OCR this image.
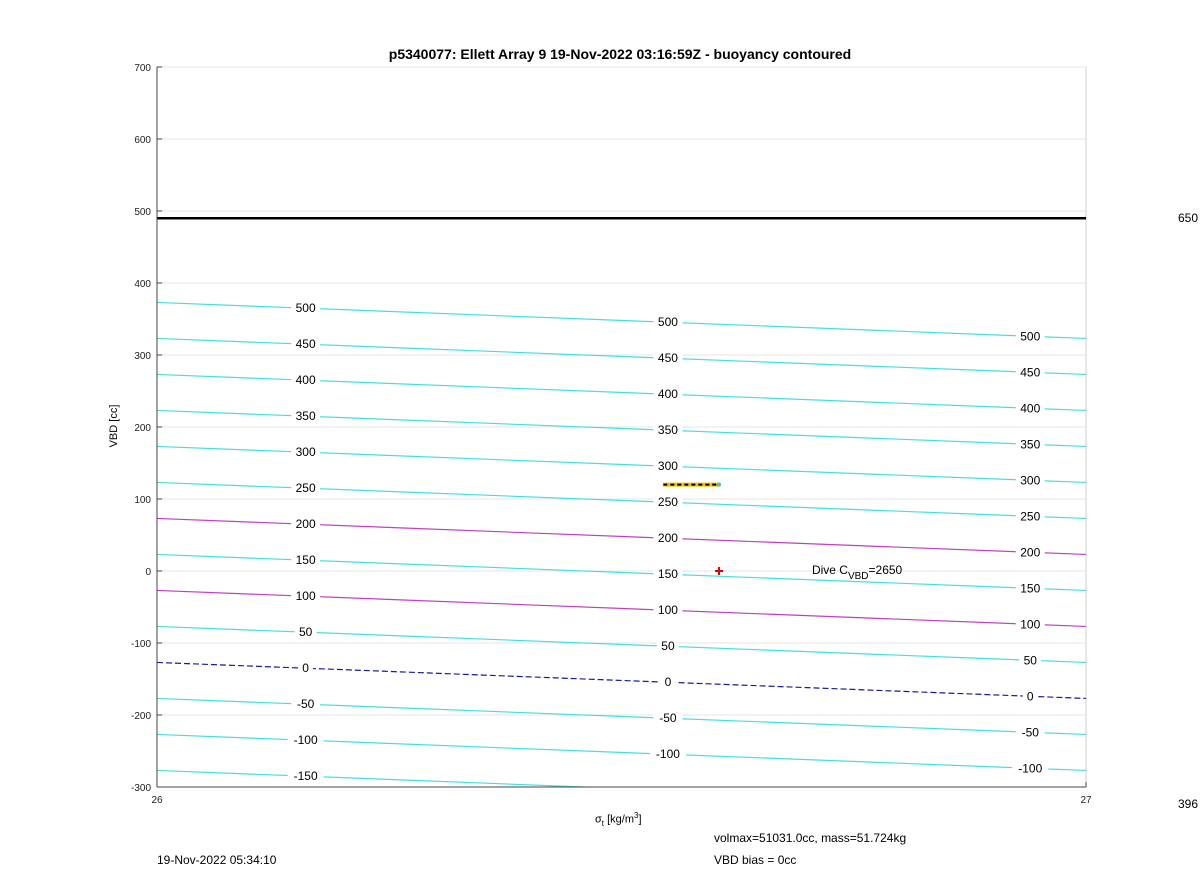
500
500
500
450
450
450
400
400
400
350
350
350
300
300
300
250
250
250
200
200
200
150
150
150
100
100
100
50
50
50
0
0
0
-50
-50
-50
-100
-100
-100
-150
Dive $C_{VBD}=2650$
700
600
500
400
300
200
100
0
-100
-200
-300
26	27
p5340077: Ellett Array 9 19-Nov-2022 03:16:59Z - buoyancy contoured
VBD [cc]
$\sigma_t$ $[kg/m^3]$
650
396
19-Nov-2022 05:34:10
volmax=51031.0cc, mass=51.724kg
VBD bias = 0cc
